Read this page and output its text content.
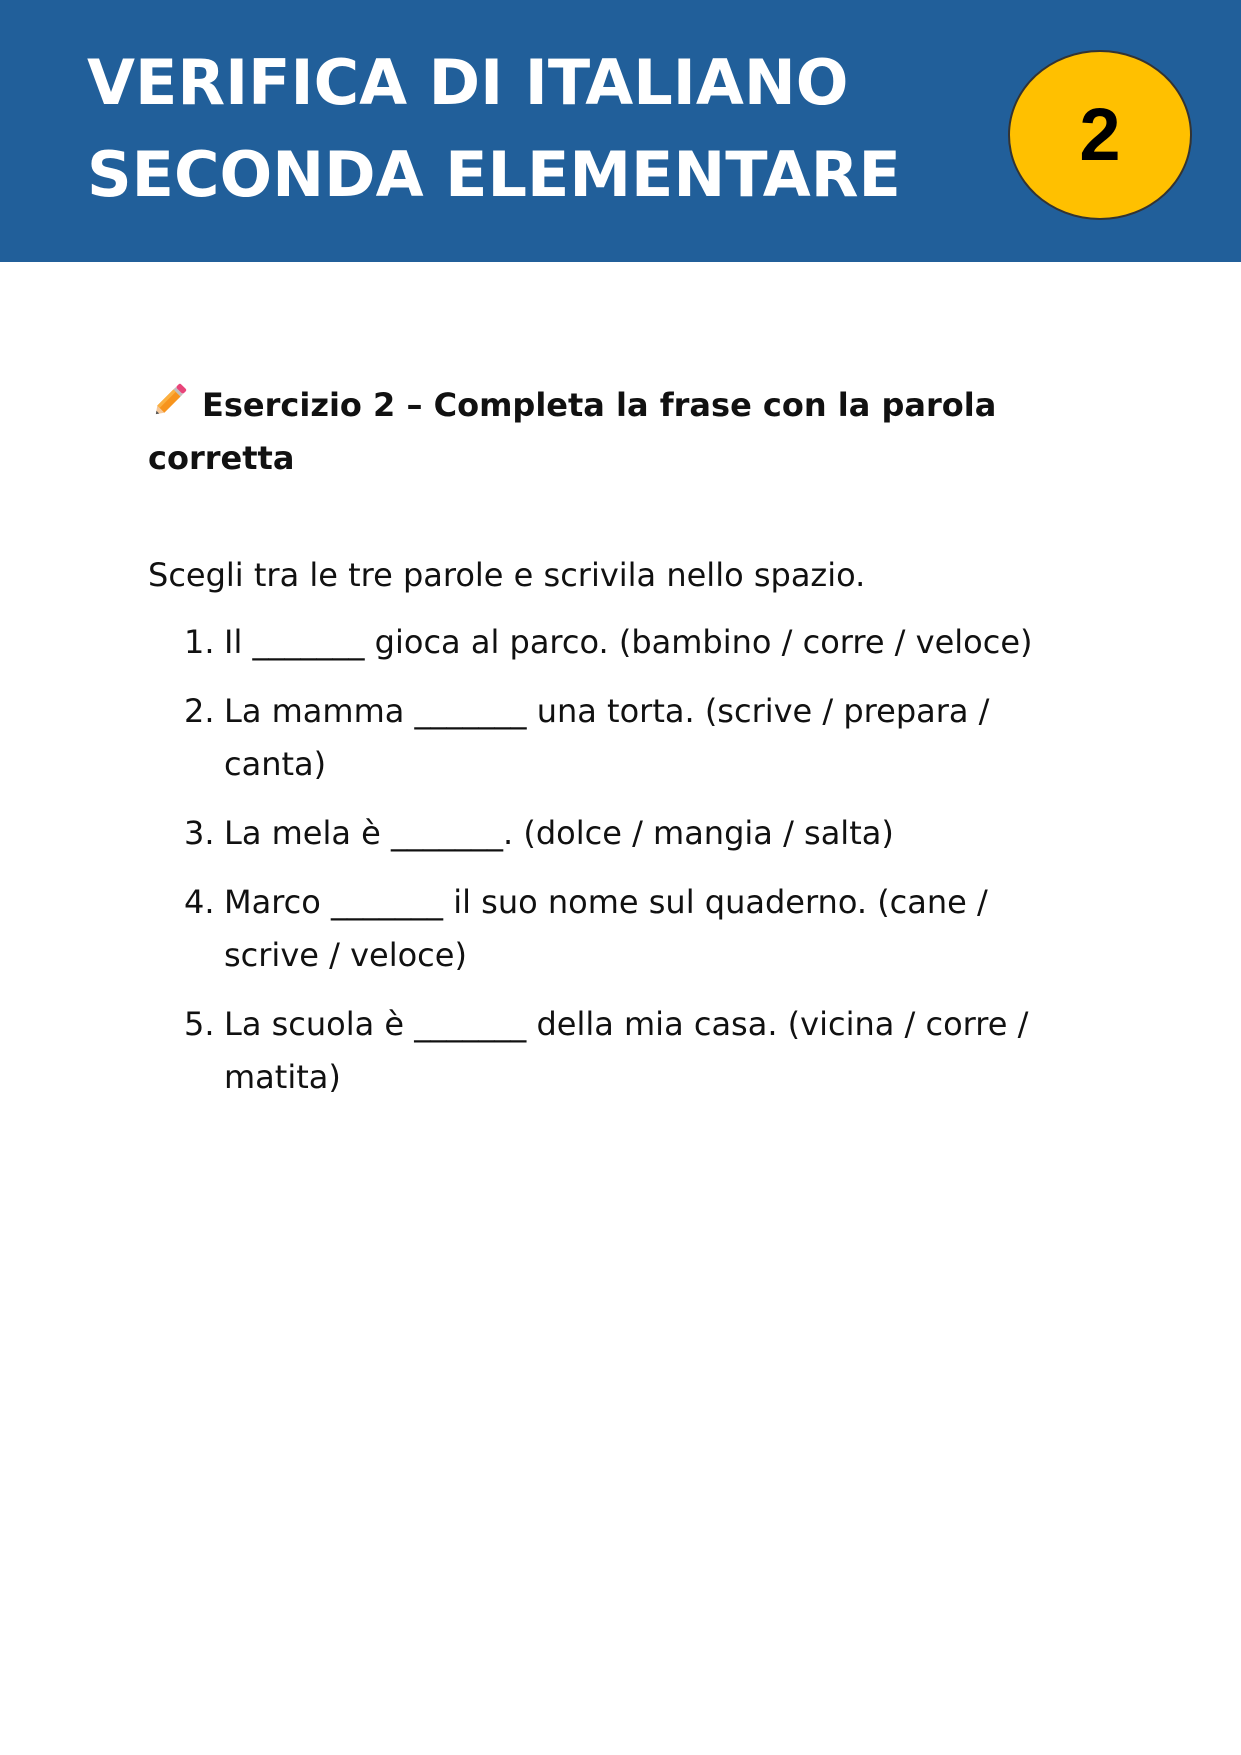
VERIFICA DI ITALIANO
SECONDA ELEMENTARE 2

Esercizio 2 – Completa la frase con la parola corretta

Scegli tra le tre parole e scrivila nello spazio.

1. Il _______ gioca al parco. (bambino / corre / veloce)
2. La mamma _______ una torta. (scrive / prepara / canta)
3. La mela è _______. (dolce / mangia / salta)
4. Marco _______ il suo nome sul quaderno. (cane / scrive / veloce)
5. La scuola è _______ della mia casa. (vicina / corre / matita)
